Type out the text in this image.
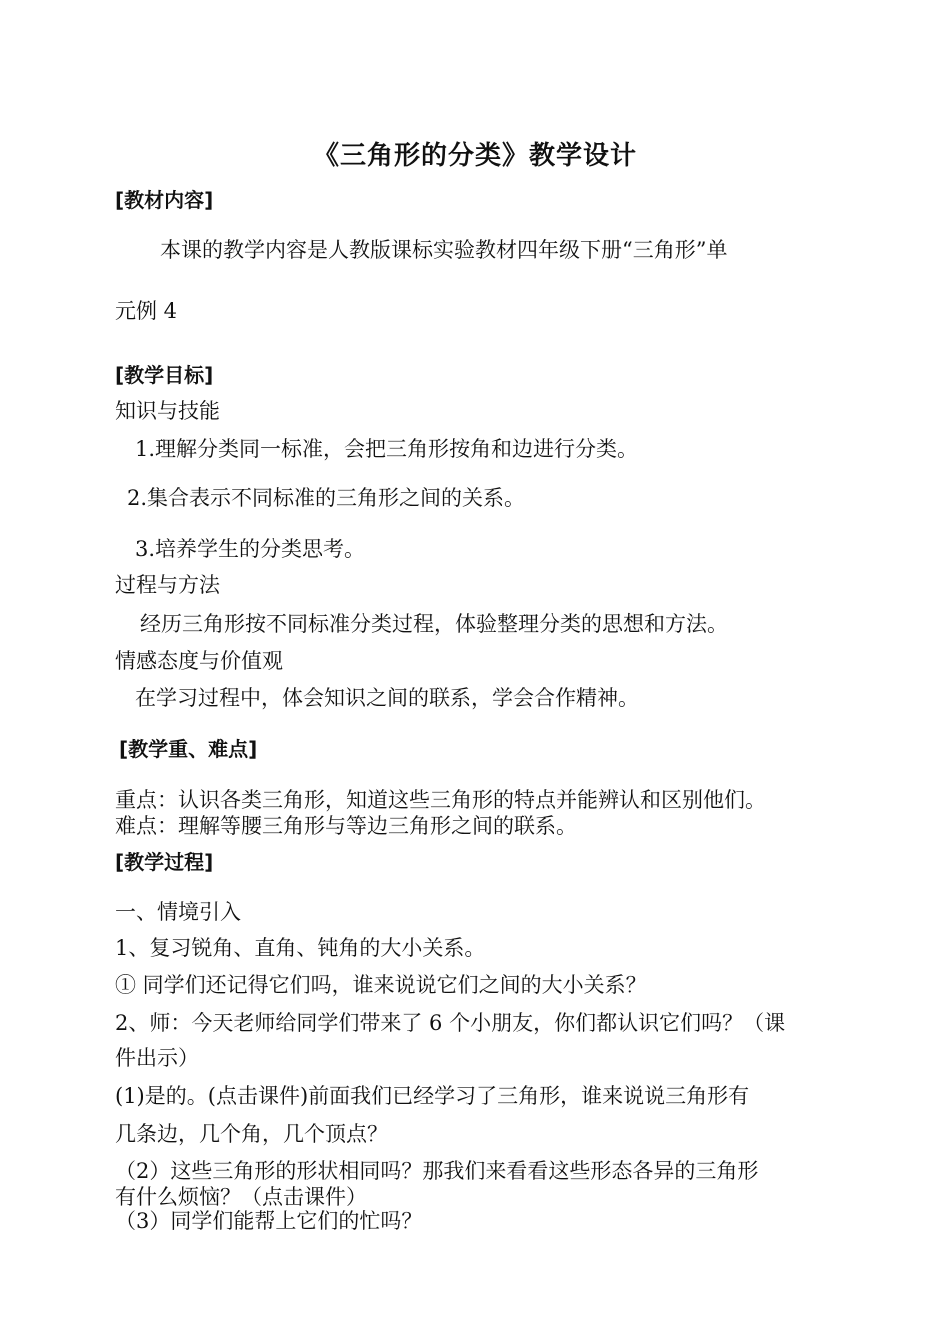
《三角形的分类》教学设计
[教材内容]
本课的教学内容是人教版课标实验教材四年级下册“三角形”单
元例 4
[教学目标]
知识与技能
1.理解分类同一标准，会把三角形按角和边进行分类。
2.集合表示不同标准的三角形之间的关系。
3.培养学生的分类思考。
过程与方法
经历三角形按不同标准分类过程，体验整理分类的思想和方法。
情感态度与价值观
在学习过程中，体会知识之间的联系，学会合作精神。
[教学重、难点]
重点：认识各类三角形，知道这些三角形的特点并能辨认和区别他们。
难点：理解等腰三角形与等边三角形之间的联系。
[教学过程]
一、情境引入
1、复习锐角、直角、钝角的大小关系。
① 同学们还记得它们吗，谁来说说它们之间的大小关系？
2、师：今天老师给同学们带来了 6 个小朋友，你们都认识它们吗？（课
件出示）
(1)是的。(点击课件)前面我们已经学习了三角形，谁来说说三角形有
几条边，几个角，几个顶点？
（2）这些三角形的形状相同吗？那我们来看看这些形态各异的三角形
有什么烦恼？（点击课件）
（3）同学们能帮上它们的忙吗？
